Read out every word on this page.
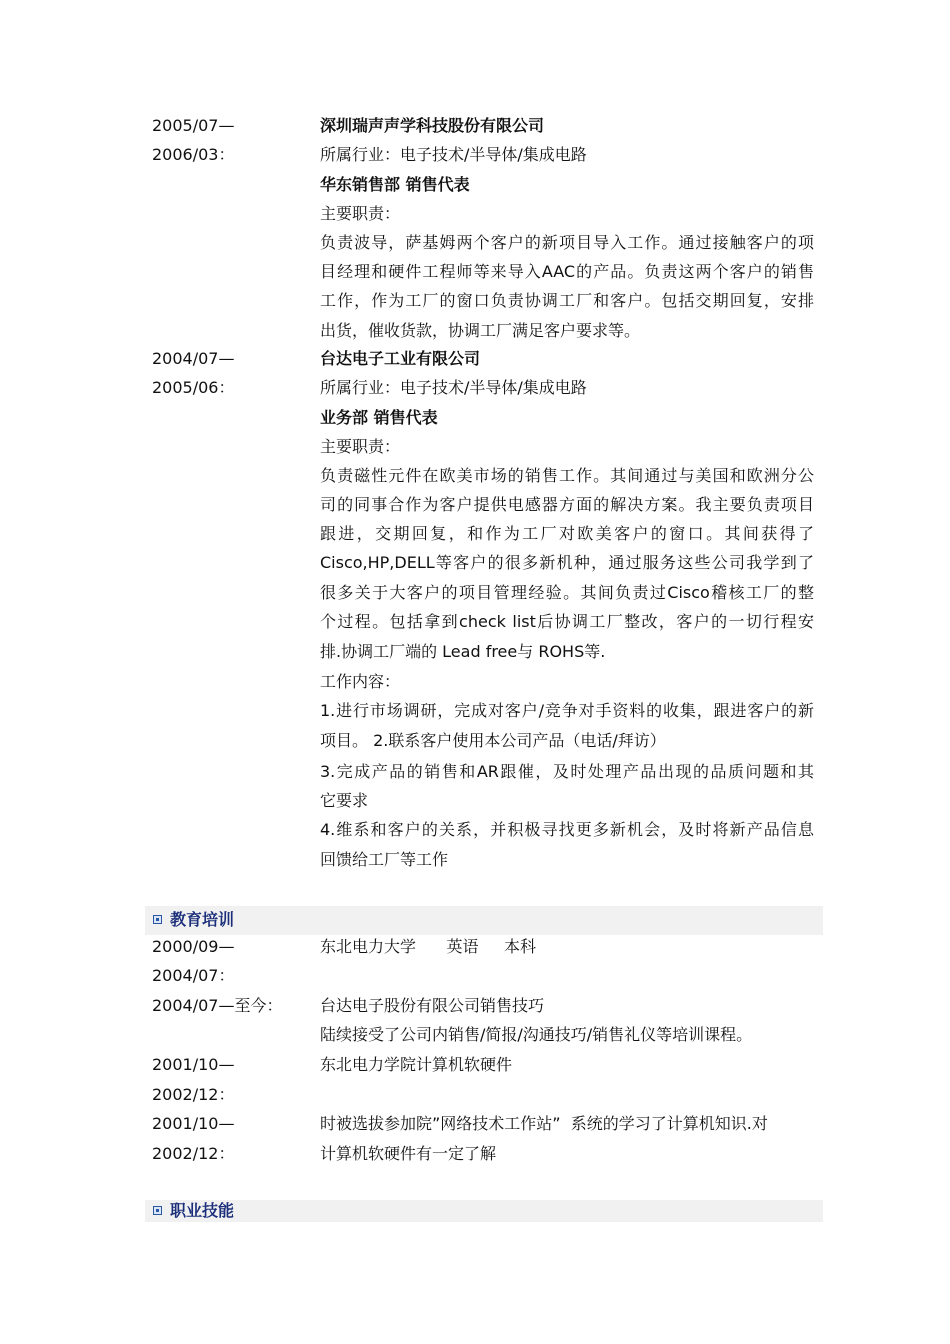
2005/07—	深圳瑞声声学科技股份有限公司
2006/03：	所属行业：电子技术/半导体/集成电路
华东销售部 销售代表
主要职责：
负责波导，萨基姆两个客户的新项目导入工作。通过接触客户的项
目经理和硬件工程师等来导入AAC的产品。负责这两个客户的销售
工作，作为工厂的窗口负责协调工厂和客户。包括交期回复，安排
出货，催收货款，协调工厂满足客户要求等。
2004/07—	台达电子工业有限公司
2005/06：	所属行业：电子技术/半导体/集成电路
业务部 销售代表
主要职责：
负责磁性元件在欧美市场的销售工作。其间通过与美国和欧洲分公
司的同事合作为客户提供电感器方面的解决方案。我主要负责项目
跟进，交期回复，和作为工厂对欧美客户的窗口。其间获得了
Cisco,HP,DELL等客户的很多新机种，通过服务这些公司我学到了
很多关于大客户的项目管理经验。其间负责过Cisco稽核工厂的整
个过程。包括拿到check list后协调工厂整改，客户的一切行程安
排.协调工厂端的 Lead free与 ROHS等.
工作内容：
1.进行市场调研，完成对客户/竞争对手资料的收集，跟进客户的新
项目。 2.联系客户使用本公司产品（电话/拜访）
3.完成产品的销售和AR跟催，及时处理产品出现的品质问题和其
它要求
4.维系和客户的关系，并积极寻找更多新机会，及时将新产品信息
回馈给工厂等工作
教育培训
2000/09—	东北电力大学      英语     本科
2004/07：
2004/07—至今： 台达电子股份有限公司销售技巧
陆续接受了公司内销售/简报/沟通技巧/销售礼仪等培训课程。
2001/10—	东北电力学院计算机软硬件
2002/12：
2001/10—	时被选拔参加院”网络技术工作站”  系统的学习了计算机知识.对
2002/12：	计算机软硬件有一定了解
职业技能
